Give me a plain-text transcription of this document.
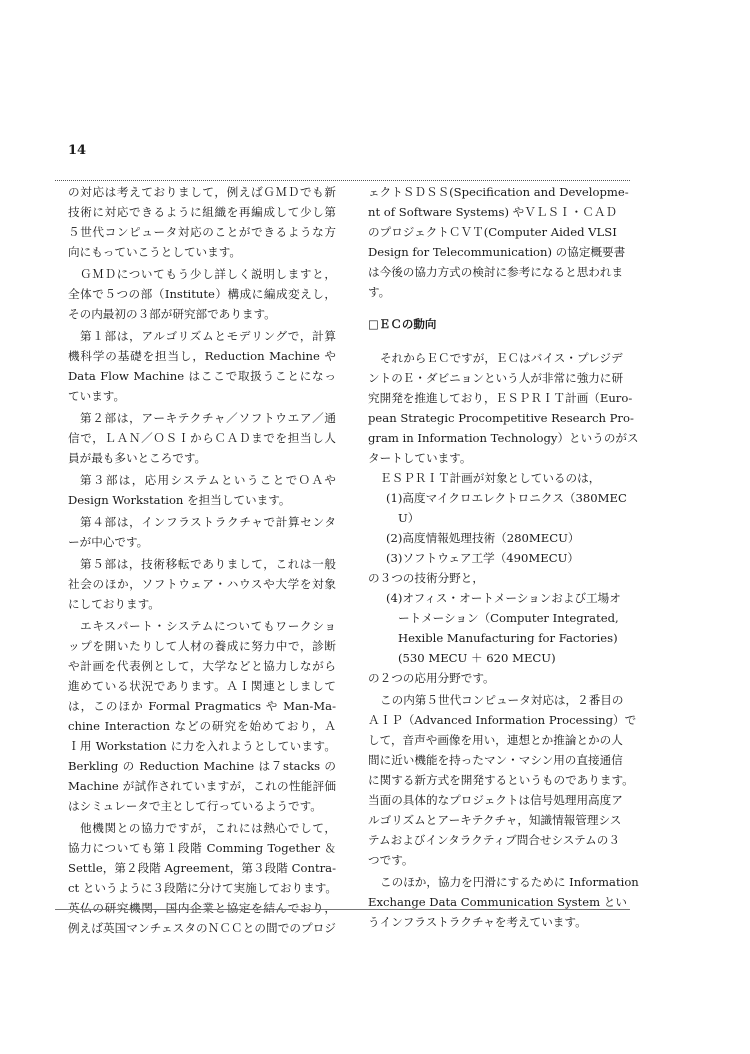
14
の対応は考えておりまして，例えばＧＭＤでも新
技術に対応できるように組織を再編成して少し第
５世代コンピュータ対応のことができるような方
向にもっていこうとしています。
ＧＭＤについてもう少し詳しく説明しますと，
全体で５つの部（Institute）構成に編成変えし，
その内最初の３部が研究部であります。
第１部は，アルゴリズムとモデリングで，計算
機科学の基礎を担当し，Reduction Machine や
Data Flow Machine はここで取扱うことになっ
ています。
第２部は，アーキテクチャ／ソフトウエア／通
信で，ＬＡＮ／ＯＳＩからＣＡＤまでを担当し人
員が最も多いところです。
第３部は，応用システムということでＯＡや
Design Workstation を担当しています。
第４部は，インフラストラクチャで計算センタ
ーが中心です。
第５部は，技術移転でありまして，これは一般
社会のほか，ソフトウェア・ハウスや大学を対象
にしております。
エキスパート・システムについてもワークショ
ップを開いたりして人材の養成に努力中で，診断
や計画を代表例として，大学などと協力しながら
進めている状況であります。ＡＩ関連としまして
は，このほか Formal Pragmatics や Man-Ma-
chine Interaction などの研究を始めており，Ａ
Ｉ用 Workstation に力を入れようとしています。
Berkling の Reduction Machine は７stacks の
Machine が試作されていますが，これの性能評価
はシミュレータで主として行っているようです。
他機関との協力ですが，これには熱心でして，
協力についても第１段階 Comming Together ＆
Settle，第２段階 Agreement，第３段階 Contra-
ct というように３段階に分けて実施しております。
英仏の研究機関，国内企業と協定を結んでおり，
例えば英国マンチェスタのＮＣＣとの間でのプロジ
ェクトＳＤＳＳ(Specification and Developme-
nt of Software Systems) やＶＬＳＩ・ＣＡＤ
のプロジェクトＣＶＴ(Computer Aided VLSI
Design for Telecommunication) の協定概要書
は今後の協力方式の検討に参考になると思われま
す。
□ＥＣの動向
それからＥＣですが，ＥＣはバイス・プレジデ
ントのＥ・ダビニョンという人が非常に強力に研
究開発を推進しており，ＥＳＰＲＩＴ計画（Euro-
pean Strategic Procompetitive Research Pro-
gram in Information Technology）というのがス
タートしています。
ＥＳＰＲＩＴ計画が対象としているのは，
(1)高度マイクロエレクトロニクス（380MEC
U）
(2)高度情報処理技術（280MECU）
(3)ソフトウェア工学（490MECU）
の３つの技術分野と，
(4)オフィス・オートメーションおよび工場オ
ートメーション（Computer Integrated,
Hexible Manufacturing for Factories)
(530 MECU ＋ 620 MECU)
の２つの応用分野です。
この内第５世代コンピュータ対応は，２番目の
ＡＩＰ（Advanced Information Processing）で
して，音声や画像を用い，連想とか推論とかの人
間に近い機能を持ったマン・マシン用の直接通信
に関する新方式を開発するというものであります。
当面の具体的なプロジェクトは信号処理用高度ア
ルゴリズムとアーキテクチャ，知識情報管理シス
テムおよびインタラクティブ問合せシステムの３
つです。
このほか，協力を円滑にするために Information
Exchange Data Communication System とい
うインフラストラクチャを考えています。
